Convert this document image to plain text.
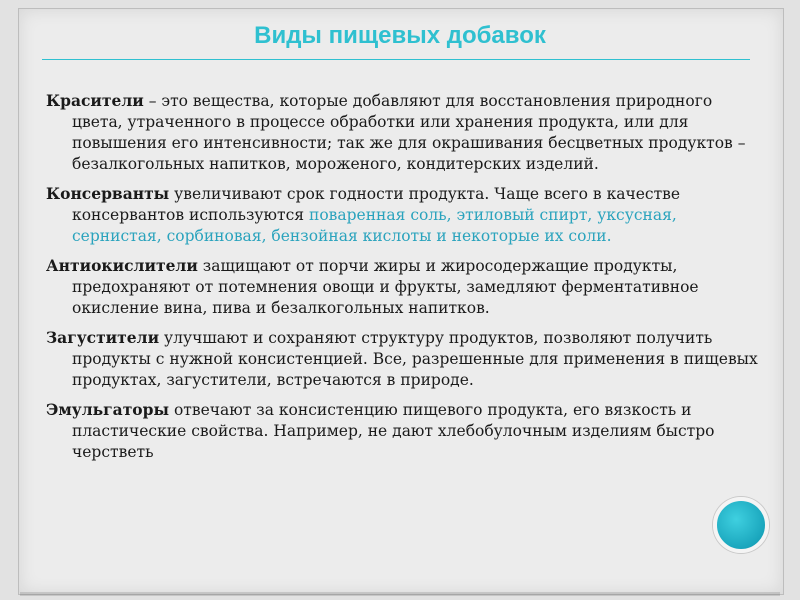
Виды пищевых добавок

Красители – это вещества, которые добавляют для восстановления природного цвета, утраченного в процессе обработки или хранения продукта, или для повышения его интенсивности; так же для окрашивания бесцветных продуктов – безалкогольных напитков, мороженого, кондитерских изделий.

Консерванты увеличивают срок годности продукта. Чаще всего в качестве консервантов используются поваренная соль, этиловый спирт, уксусная, сернистая, сорбиновая, бензойная кислоты и некоторые их соли.

Антиокислители защищают от порчи жиры и жиросодержащие продукты, предохраняют от потемнения овощи и фрукты, замедляют ферментативное окисление вина, пива и безалкогольных напитков.

Загустители улучшают и сохраняют структуру продуктов, позволяют получить продукты с нужной консистенцией. Все, разрешенные для применения в пищевых продуктах, загустители, встречаются в природе.

Эмульгаторы отвечают за консистенцию пищевого продукта, его вязкость и пластические свойства. Например, не дают хлебобулочным изделиям быстро черстветь
